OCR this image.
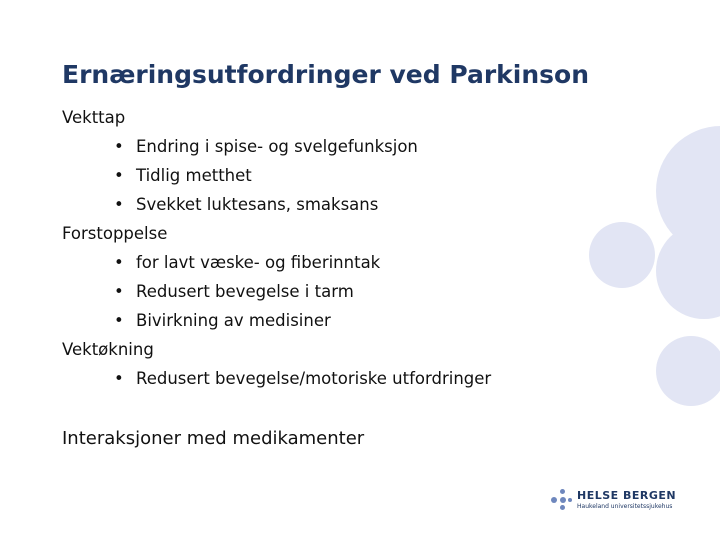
Ernæringsutfordringer ved Parkinson
Vekttap
• Endring i spise- og svelgefunksjon
• Tidlig metthet
• Svekket luktesans, smaksans
Forstoppelse
• for lavt væske- og fiberinntak
• Redusert bevegelse i tarm
• Bivirkning av medisiner
Vektøkning
• Redusert bevegelse/motoriske utfordringer
Interaksjoner med medikamenter
HELSE BERGEN
Haukeland universitetssjukehus
